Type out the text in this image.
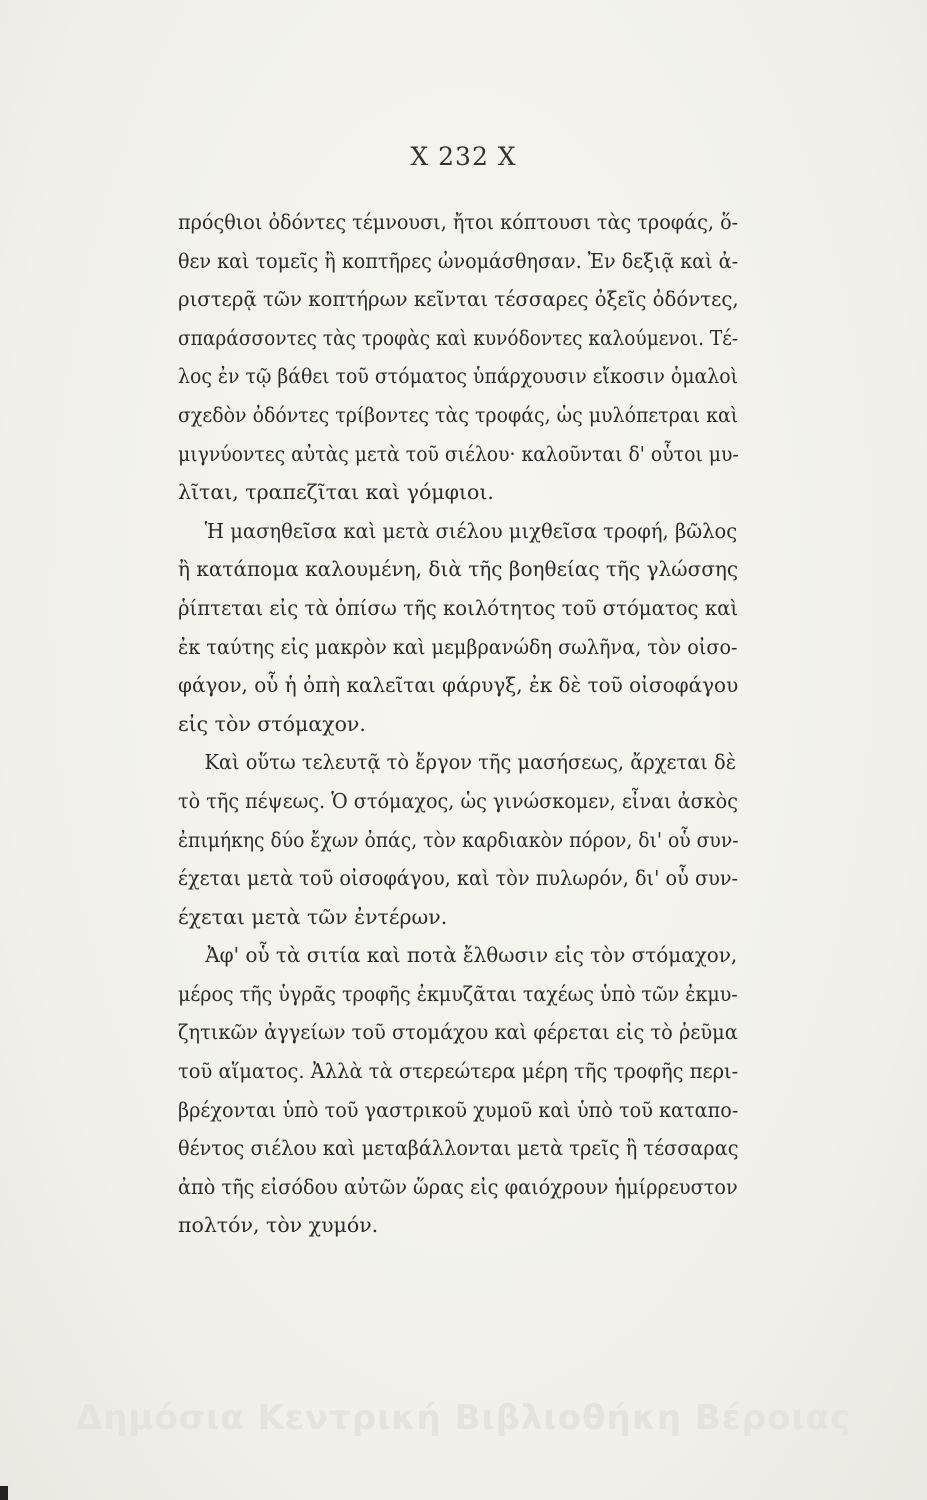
X 232 X
πρόςθιοι ὀδόντες τέμνουσι, ἤτοι κόπτουσι τὰς τροφάς, ὅ-
θεν καὶ τομεῖς ἢ κοπτῆρες ὠνομάσθησαν. Ἐν δεξιᾷ καὶ ἀ-
ριστερᾷ τῶν κοπτήρων κεῖνται τέσσαρες ὀξεῖς ὀδόντες,
σπαράσσοντες τὰς τροφὰς καὶ κυνόδοντες καλούμενοι. Τέ-
λος ἐν τῷ βάθει τοῦ στόματος ὑπάρχουσιν εἴκοσιν ὁμαλοὶ
σχεδὸν ὀδόντες τρίβοντες τὰς τροφάς, ὡς μυλόπετραι καὶ
μιγνύοντες αὐτὰς μετὰ τοῦ σιέλου· καλοῦνται δ' οὗτοι μυ-
λῖται, τραπεζῖται καὶ γόμφιοι.
Ἡ μασηθεῖσα καὶ μετὰ σιέλου μιχθεῖσα τροφή, βῶλος
ἢ κατάπομα καλουμένη, διὰ τῆς βοηθείας τῆς γλώσσης
ῥίπτεται εἰς τὰ ὀπίσω τῆς κοιλότητος τοῦ στόματος καὶ
ἐκ ταύτης εἰς μακρὸν καὶ μεμβρανώδη σωλῆνα, τὸν οἰσο-
φάγον, οὗ ἡ ὀπὴ καλεῖται φάρυγξ, ἐκ δὲ τοῦ οἰσοφάγου
εἰς τὸν στόμαχον.
Καὶ οὕτω τελευτᾷ τὸ ἔργον τῆς μασήσεως, ἄρχεται δὲ
τὸ τῆς πέψεως. Ὁ στόμαχος, ὡς γινώσκομεν, εἶναι ἀσκὸς
ἐπιμήκης δύο ἔχων ὀπάς, τὸν καρδιακὸν πόρον, δι' οὗ συν-
έχεται μετὰ τοῦ οἰσοφάγου, καὶ τὸν πυλωρόν, δι' οὗ συν-
έχεται μετὰ τῶν ἐντέρων.
Ἀφ' οὗ τὰ σιτία καὶ ποτὰ ἔλθωσιν εἰς τὸν στόμαχον,
μέρος τῆς ὑγρᾶς τροφῆς ἐκμυζᾶται ταχέως ὑπὸ τῶν ἐκμυ-
ζητικῶν ἀγγείων τοῦ στομάχου καὶ φέρεται εἰς τὸ ῥεῦμα
τοῦ αἵματος. Ἀλλὰ τὰ στερεώτερα μέρη τῆς τροφῆς περι-
βρέχονται ὑπὸ τοῦ γαστρικοῦ χυμοῦ καὶ ὑπὸ τοῦ καταπο-
θέντος σιέλου καὶ μεταβάλλονται μετὰ τρεῖς ἢ τέσσαρας
ἀπὸ τῆς εἰσόδου αὐτῶν ὥρας εἰς φαιόχρουν ἡμίρρευστον
πολτόν, τὸν χυμόν.
Δημόσια Κεντρική Βιβλιοθήκη Βέροιας
